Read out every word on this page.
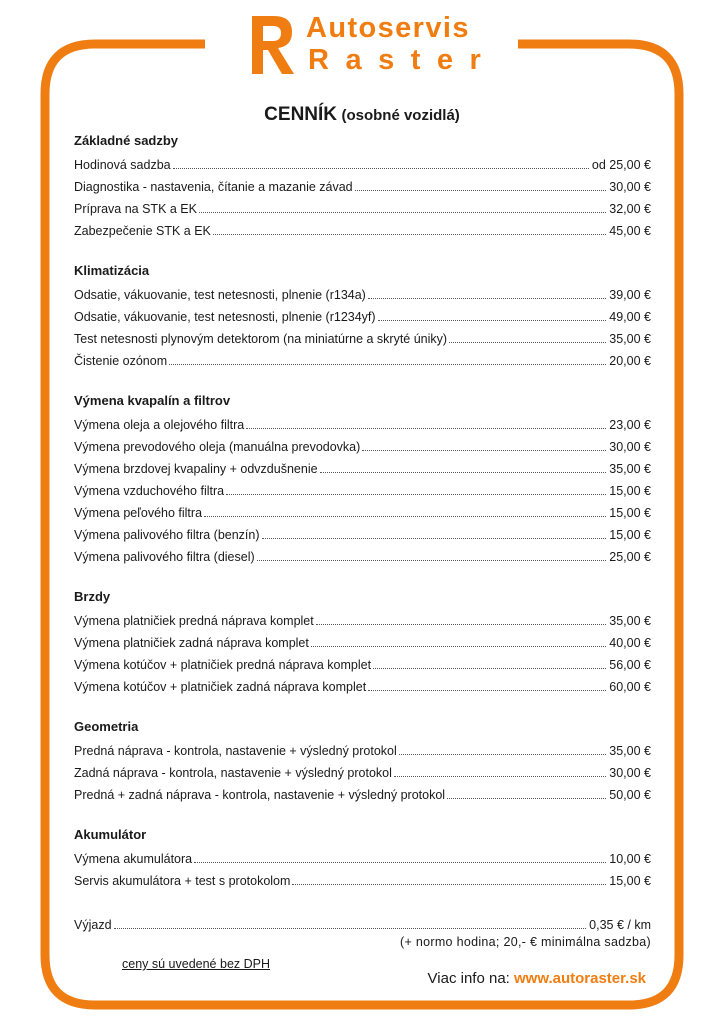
Autoservis
Raster
CENNÍK (osobné vozidlá)
Základné sadzby
Hodinová sadzba	od 25,00 €
Diagnostika - nastavenia, čítanie a mazanie závad	30,00 €
Príprava na STK a EK	32,00 €
Zabezpečenie STK a EK	45,00 €
Klimatizácia
Odsatie, vákuovanie, test netesnosti, plnenie (r134a)	39,00 €
Odsatie, vákuovanie, test netesnosti, plnenie (r1234yf)	49,00 €
Test netesnosti plynovým detektorom (na miniatúrne a skryté úniky)	35,00 €
Čistenie ozónom	20,00 €
Výmena kvapalín a filtrov
Výmena oleja a olejového filtra	23,00 €
Výmena prevodového oleja (manuálna prevodovka)	30,00 €
Výmena brzdovej kvapaliny + odvzdušnenie	35,00 €
Výmena vzduchového filtra	15,00 €
Výmena peľového filtra	15,00 €
Výmena palivového filtra (benzín)	15,00 €
Výmena palivového filtra (diesel)	25,00 €
Brzdy
Výmena platničiek predná náprava komplet	35,00 €
Výmena platničiek zadná náprava komplet	40,00 €
Výmena kotúčov + platničiek predná náprava komplet	56,00 €
Výmena kotúčov + platničiek zadná náprava komplet	60,00 €
Geometria
Predná náprava - kontrola, nastavenie + výsledný protokol	35,00 €
Zadná náprava - kontrola, nastavenie + výsledný protokol	30,00 €
Predná + zadná náprava - kontrola, nastavenie + výsledný protokol	50,00 €
Akumulátor
Výmena akumulátora	10,00 €
Servis akumulátora + test s protokolom	15,00 €
Výjazd	0,35 € / km
(+ normo hodina; 20,- € minimálna sadzba)
ceny sú uvedené bez DPH
Viac info na: www.autoraster.sk
